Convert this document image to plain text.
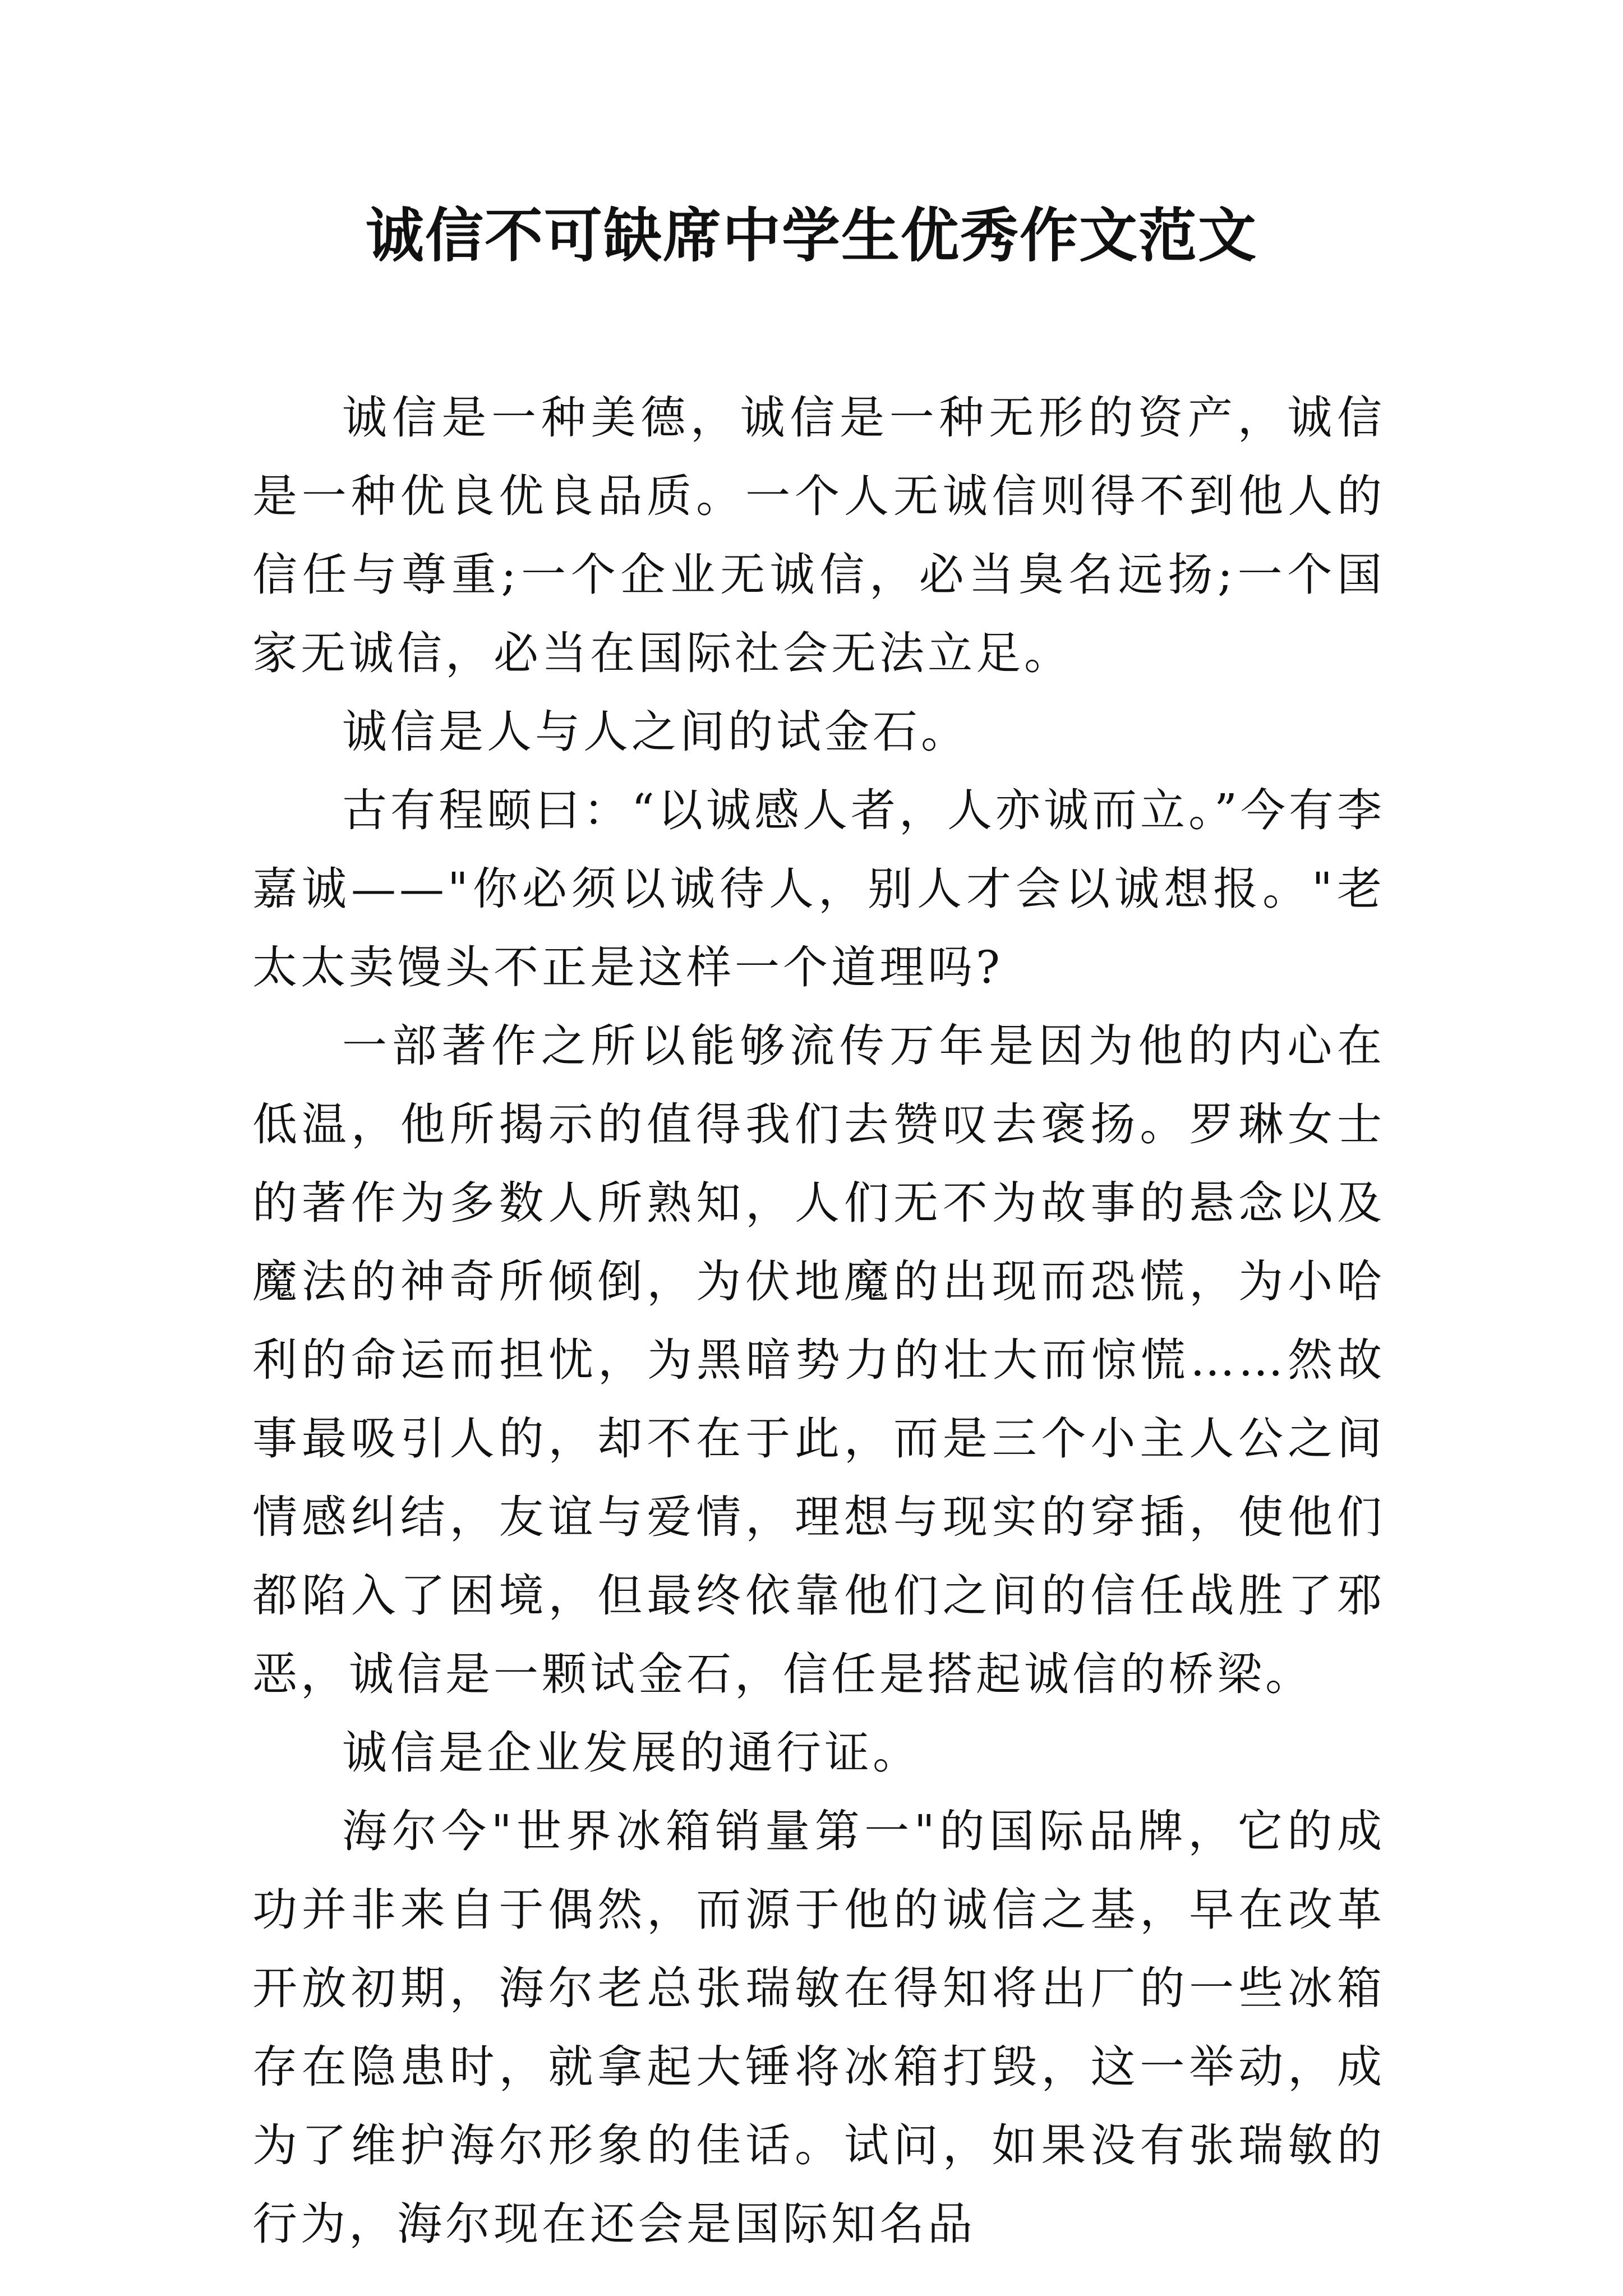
诚信不可缺席中学生优秀作文范文

诚信是一种美德，诚信是一种无形的资产，诚信是一种优良优良品质。一个人无诚信则得不到他人的信任与尊重;一个企业无诚信，必当臭名远扬;一个国家无诚信，必当在国际社会无法立足。

诚信是人与人之间的试金石。

古有程颐曰：“以诚感人者，人亦诚而立。”今有李嘉诚——"你必须以诚待人，别人才会以诚想报。"老太太卖馒头不正是这样一个道理吗?

一部著作之所以能够流传万年是因为他的内心在低温，他所揭示的值得我们去赞叹去褒扬。罗琳女士的著作为多数人所熟知，人们无不为故事的悬念以及魔法的神奇所倾倒，为伏地魔的出现而恐慌，为小哈利的命运而担忧，为黑暗势力的壮大而惊慌……然故事最吸引人的，却不在于此，而是三个小主人公之间情感纠结，友谊与爱情，理想与现实的穿插，使他们都陷入了困境，但最终依靠他们之间的信任战胜了邪恶，诚信是一颗试金石，信任是搭起诚信的桥梁。

诚信是企业发展的通行证。

海尔今"世界冰箱销量第一"的国际品牌，它的成功并非来自于偶然，而源于他的诚信之基，早在改革开放初期，海尔老总张瑞敏在得知将出厂的一些冰箱存在隐患时，就拿起大锤将冰箱打毁，这一举动，成为了维护海尔形象的佳话。试问，如果没有张瑞敏的行为，海尔现在还会是国际知名品
